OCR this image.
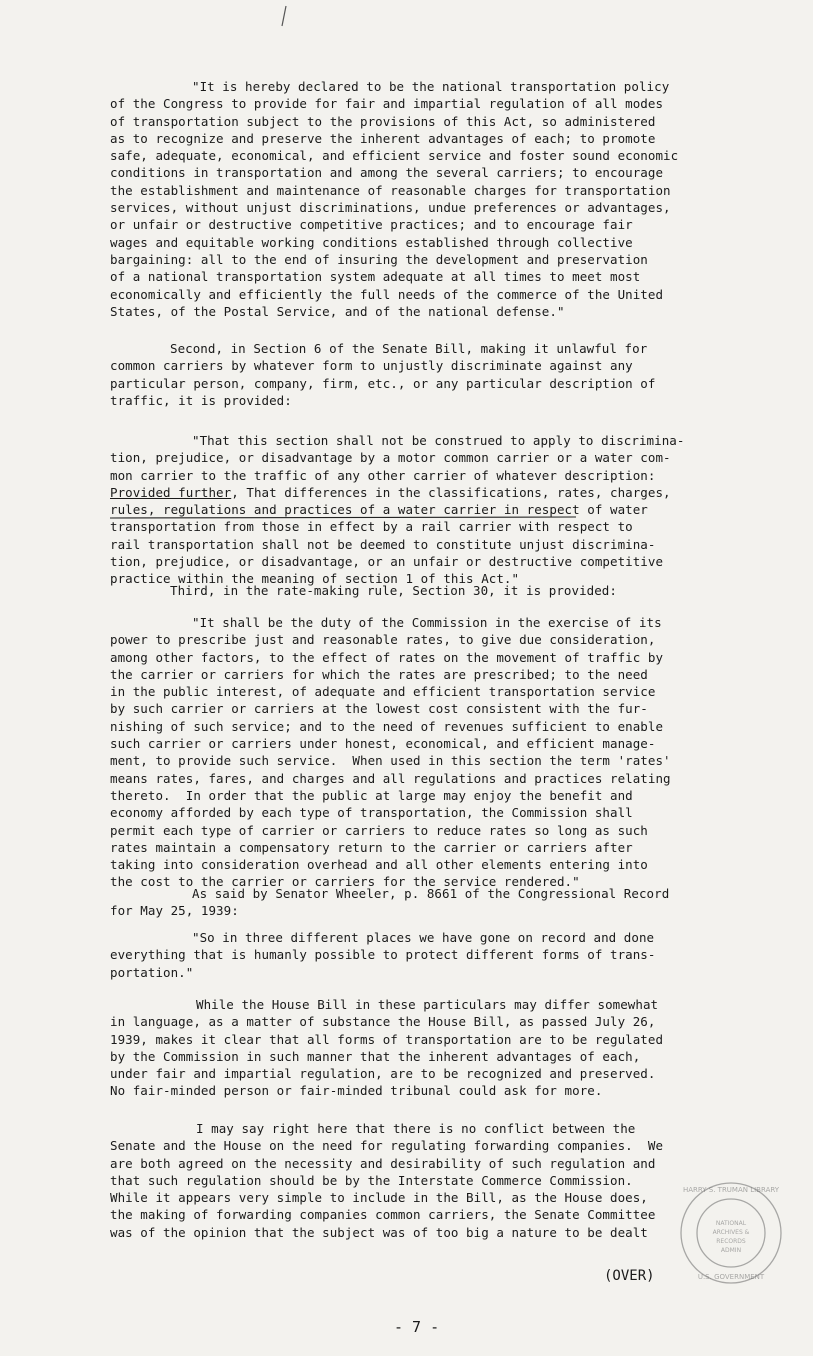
"It is hereby declared to be the national transportation policy
of the Congress to provide for fair and impartial regulation of all modes
of transportation subject to the provisions of this Act, so administered
as to recognize and preserve the inherent advantages of each; to promote
safe, adequate, economical, and efficient service and foster sound economic
conditions in transportation and among the several carriers; to encourage
the establishment and maintenance of reasonable charges for transportation
services, without unjust discriminations, undue preferences or advantages,
or unfair or destructive competitive practices; and to encourage fair
wages and equitable working conditions established through collective
bargaining: all to the end of insuring the development and preservation
of a national transportation system adequate at all times to meet most
economically and efficiently the full needs of the commerce of the United
States, of the Postal Service, and of the national defense."
Second, in Section 6 of the Senate Bill, making it unlawful for
common carriers by whatever form to unjustly discriminate against any
particular person, company, firm, etc., or any particular description of
traffic, it is provided:
"That this section shall not be construed to apply to discrimina-
tion, prejudice, or disadvantage by a motor common carrier or a water com-
mon carrier to the traffic of any other carrier of whatever description:
Provided further, That differences in the classifications, rates, charges,
rules, regulations and practices of a water carrier in respect of water
transportation from those in effect by a rail carrier with respect to
rail transportation shall not be deemed to constitute unjust discrimina-
tion, prejudice, or disadvantage, or an unfair or destructive competitive
practice within the meaning of section 1 of this Act."
Third, in the rate-making rule, Section 30, it is provided:
"It shall be the duty of the Commission in the exercise of its
power to prescribe just and reasonable rates, to give due consideration,
among other factors, to the effect of rates on the movement of traffic by
the carrier or carriers for which the rates are prescribed; to the need
in the public interest, of adequate and efficient transportation service
by such carrier or carriers at the lowest cost consistent with the fur-
nishing of such service; and to the need of revenues sufficient to enable
such carrier or carriers under honest, economical, and efficient manage-
ment, to provide such service.  When used in this section the term 'rates'
means rates, fares, and charges and all regulations and practices relating
thereto.  In order that the public at large may enjoy the benefit and
economy afforded by each type of transportation, the Commission shall
permit each type of carrier or carriers to reduce rates so long as such
rates maintain a compensatory return to the carrier or carriers after
taking into consideration overhead and all other elements entering into
the cost to the carrier or carriers for the service rendered."
As said by Senator Wheeler, p. 8661 of the Congressional Record
for May 25, 1939:
"So in three different places we have gone on record and done
everything that is humanly possible to protect different forms of trans-
portation."
While the House Bill in these particulars may differ somewhat
in language, as a matter of substance the House Bill, as passed July 26,
1939, makes it clear that all forms of transportation are to be regulated
by the Commission in such manner that the inherent advantages of each,
under fair and impartial regulation, are to be recognized and preserved.
No fair-minded person or fair-minded tribunal could ask for more.
I may say right here that there is no conflict between the
Senate and the House on the need for regulating forwarding companies.  We
are both agreed on the necessity and desirability of such regulation and
that such regulation should be by the Interstate Commerce Commission.
While it appears very simple to include in the Bill, as the House does,
the making of forwarding companies common carriers, the Senate Committee
was of the opinion that the subject was of too big a nature to be dealt
(OVER)
- 7 -
HARRY S. TRUMAN LIBRARY
NATIONAL
ARCHIVES &
RECORDS
ADMIN
U.S. GOVERNMENT
